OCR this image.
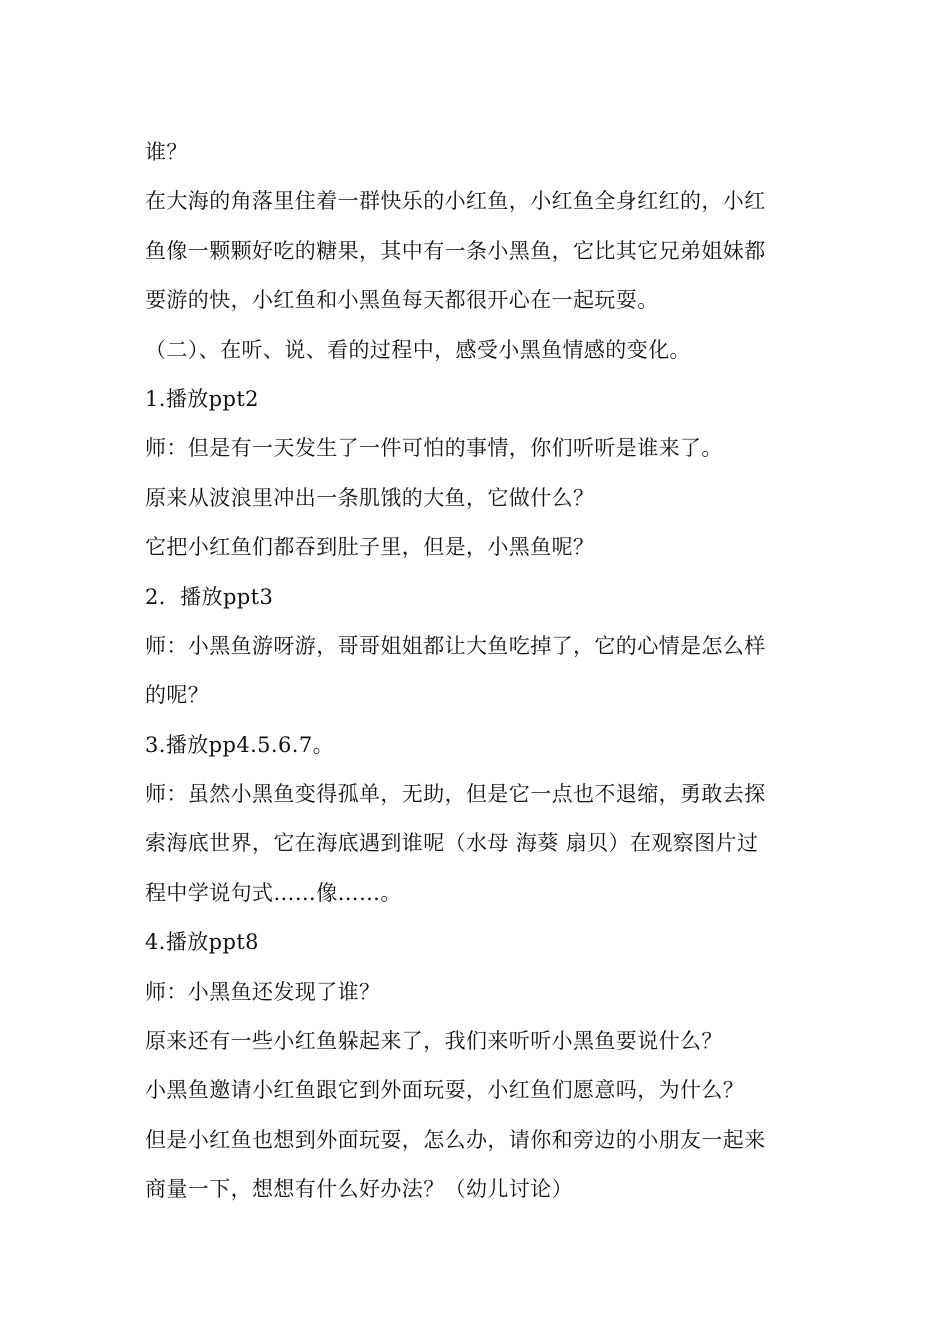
谁？
在大海的角落里住着一群快乐的小红鱼，小红鱼全身红红的，小红
鱼像一颗颗好吃的糖果，其中有一条小黑鱼，它比其它兄弟姐妹都
要游的快，小红鱼和小黑鱼每天都很开心在一起玩耍。
（二）、在听、说、看的过程中，感受小黑鱼情感的变化。
1.播放ppt2
师：但是有一天发生了一件可怕的事情，你们听听是谁来了。
原来从波浪里冲出一条肌饿的大鱼，它做什么？
它把小红鱼们都吞到肚子里，但是，小黑鱼呢？
2．播放ppt3
师：小黑鱼游呀游，哥哥姐姐都让大鱼吃掉了，它的心情是怎么样
的呢？
3.播放pp4.5.6.7。
师：虽然小黑鱼变得孤单，无助，但是它一点也不退缩，勇敢去探
索海底世界，它在海底遇到谁呢（水母 海葵 扇贝）在观察图片过
程中学说句式……像……。
4.播放ppt8
师：小黑鱼还发现了谁？
原来还有一些小红鱼躲起来了，我们来听听小黑鱼要说什么？
小黑鱼邀请小红鱼跟它到外面玩耍，小红鱼们愿意吗，为什么？
但是小红鱼也想到外面玩耍，怎么办，请你和旁边的小朋友一起来
商量一下，想想有什么好办法？（幼儿讨论）
